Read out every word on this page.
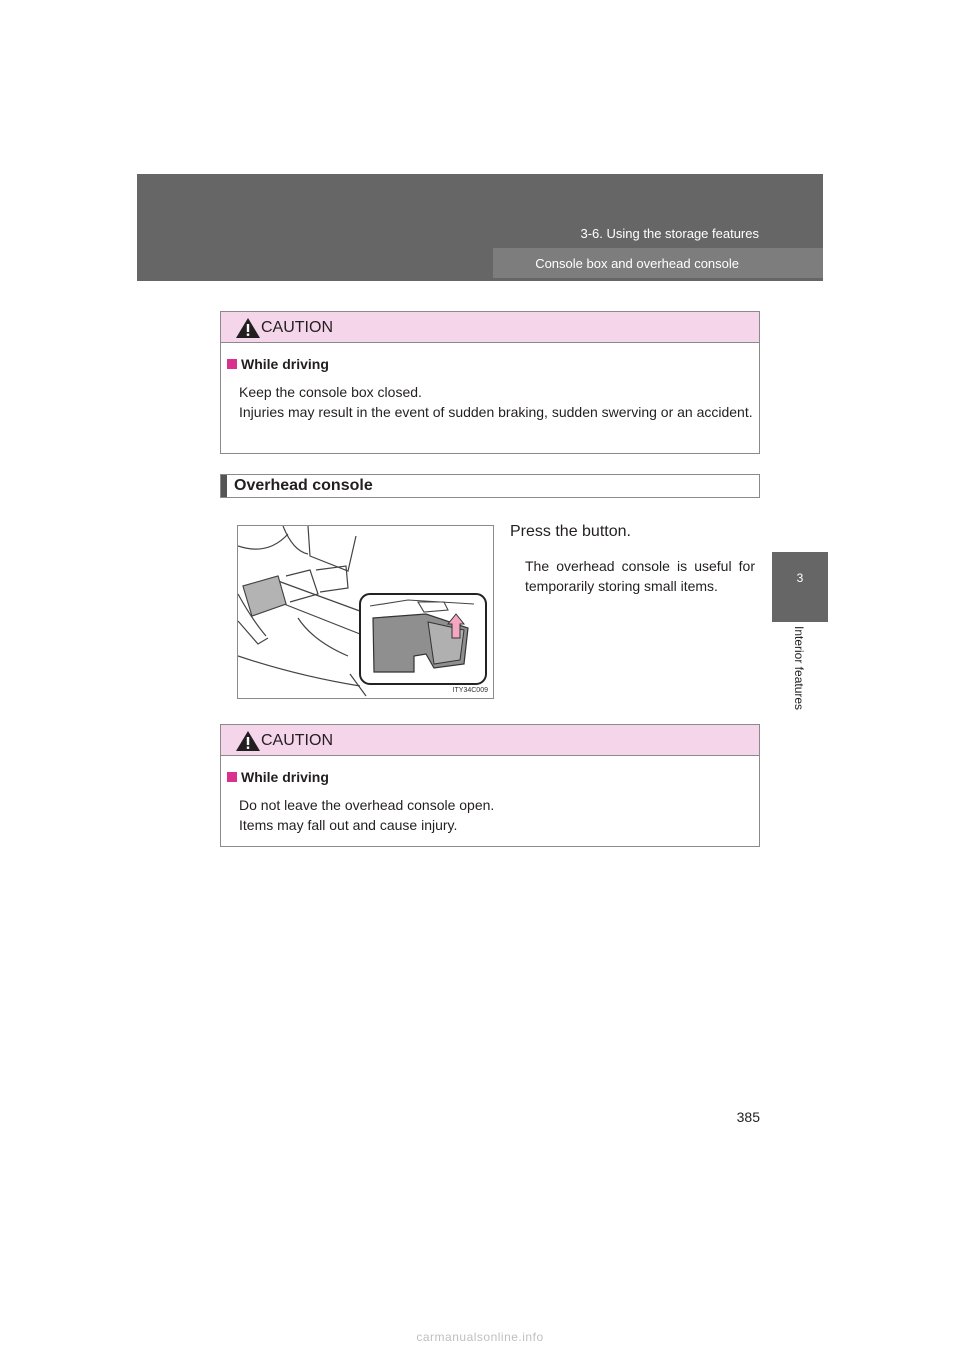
3-6. Using the storage features
Console box and overhead console
3
Interior features
CAUTION
While driving
Keep the console box closed.
Injuries may result in the event of sudden braking, sudden swerving or an accident.
Overhead console
ITY34C009
Press the button.
The overhead console is useful for temporarily storing small items.
CAUTION
While driving
Do not leave the overhead console open.
Items may fall out and cause injury.
385
carmanualsonline.info
